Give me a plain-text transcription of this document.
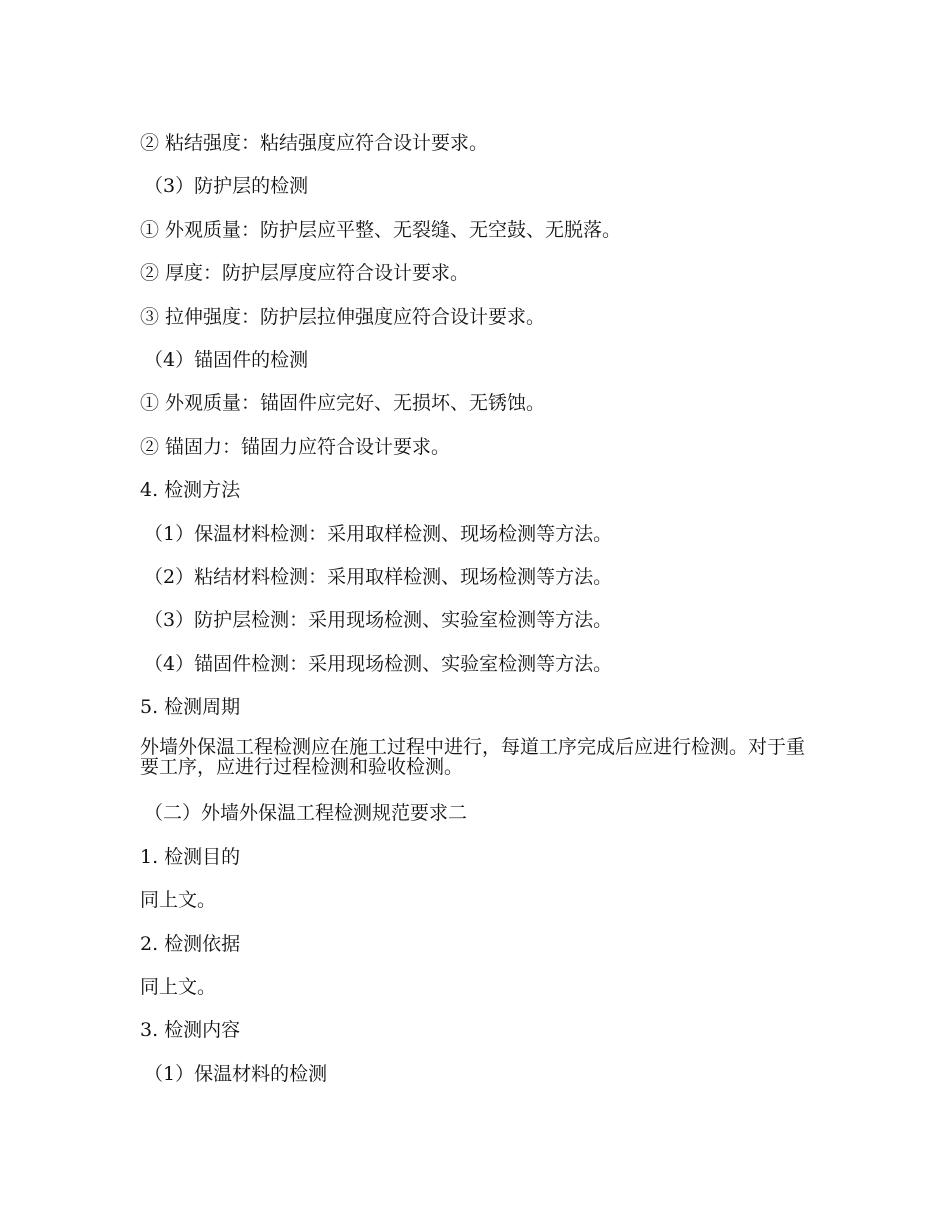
② 粘结强度：粘结强度应符合设计要求。

（3）防护层的检测

① 外观质量：防护层应平整、无裂缝、无空鼓、无脱落。

② 厚度：防护层厚度应符合设计要求。

③ 拉伸强度：防护层拉伸强度应符合设计要求。

（4）锚固件的检测

① 外观质量：锚固件应完好、无损坏、无锈蚀。

② 锚固力：锚固力应符合设计要求。

4. 检测方法

（1）保温材料检测：采用取样检测、现场检测等方法。

（2）粘结材料检测：采用取样检测、现场检测等方法。

（3）防护层检测：采用现场检测、实验室检测等方法。

（4）锚固件检测：采用现场检测、实验室检测等方法。

5. 检测周期

外墙外保温工程检测应在施工过程中进行，每道工序完成后应进行检测。对于重要工序，应进行过程检测和验收检测。

（二）外墙外保温工程检测规范要求二

1. 检测目的

同上文。

2. 检测依据

同上文。

3. 检测内容

（1）保温材料的检测
